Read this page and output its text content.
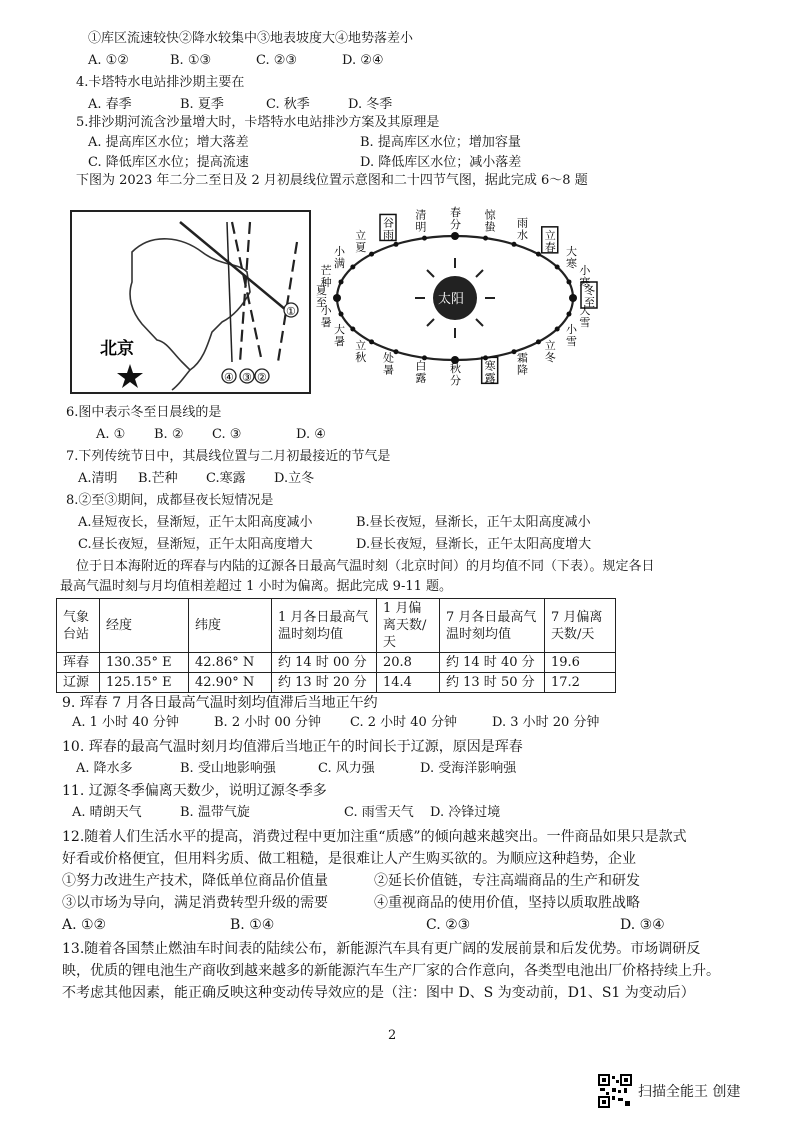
①库区流速较快②降水较集中③地表坡度大④地势落差小
A. ①②	B. ①③	C. ②③	D. ②④
4.卡塔特水电站排沙期主要在
A. 春季	B. 夏季	C. 秋季	D. 冬季
5.排沙期河流含沙量增大时，卡塔特水电站排沙方案及其原理是
A. 提高库区水位；增大落差	B. 提高库区水位；增加容量
C. 降低库区水位；提高流速	D. 降低库区水位；减小落差
下图为 2023 年二分二至日及 2 月初晨线位置示意图和二十四节气图，据此完成 6～8 题
北京
①
②
③
④
太阳
春
分
惊
蛰 雨
水 立
春 大
寒
小
寒
冬
至
大
雪
小
雪
立
冬
霜
降
寒
露
秋
分
白
露
处
暑
立
秋
大
暑
小
暑
夏
至
芒
种
小
满
立
夏
谷
雨
清
明
6.图中表示冬至日晨线的是
A. ① B. ② C. ③	D. ④
7.下列传统节日中，其晨线位置与二月初最接近的节气是
A.清明 B.芒种 C.寒露 D.立冬
8.②至③期间，成都昼夜长短情况是
A.昼短夜长，昼渐短，正午太阳高度减小	B.昼长夜短，昼渐长，正午太阳高度减小
C.昼长夜短，昼渐短，正午太阳高度增大	D.昼长夜短，昼渐长，正午太阳高度增大
位于日本海附近的珲春与内陆的辽源各日最高气温时刻（北京时间）的月均值不同（下表）。规定各日
最高气温时刻与月均值相差超过 1 小时为偏离。据此完成 9-11 题。
气象台站	经度	纬度	1 月各日最高气温时刻均值	1 月偏离天数/天	7 月各日最高气温时刻均值	7 月偏离天数/天
珲春	130.35° E	42.86° N	约 14 时 00 分	20.8	约 14 时 40 分	19.6
辽源	125.15° E	42.90° N	约 13 时 20 分	14.4	约 13 时 50 分	17.2
9. 珲春 7 月各日最高气温时刻均值滞后当地正午约
A. 1 小时 40 分钟	B. 2 小时 00 分钟 C. 2 小时 40 分钟	D. 3 小时 20 分钟
10. 珲春的最高气温时刻月均值滞后当地正午的时间长于辽源，原因是珲春
A. 降水多	B. 受山地影响强	C. 风力强	D. 受海洋影响强
11. 辽源冬季偏离天数少，说明辽源冬季多
A. 晴朗天气	B. 温带气旋	C. 雨雪天气 D. 冷锋过境
12.随着人们生活水平的提高，消费过程中更加注重“质感”的倾向越来越突出。一件商品如果只是款式
好看或价格便宜，但用料劣质、做工粗糙，是很难让人产生购买欲的。为顺应这种趋势，企业
①努力改进生产技术，降低单位商品价值量	②延长价值链，专注高端商品的生产和研发
③以市场为导向，满足消费转型升级的需要	④重视商品的使用价值，坚持以质取胜战略
A. ①②	B. ①④	C. ②③	D. ③④
13.随着各国禁止燃油车时间表的陆续公布，新能源汽车具有更广阔的发展前景和后发优势。市场调研反
映，优质的锂电池生产商收到越来越多的新能源汽车生产厂家的合作意向，各类型电池出厂价格持续上升。
不考虑其他因素，能正确反映这种变动传导效应的是（注：图中 D、S 为变动前，D1、S1 为变动后）
2
扫描全能王 创建
